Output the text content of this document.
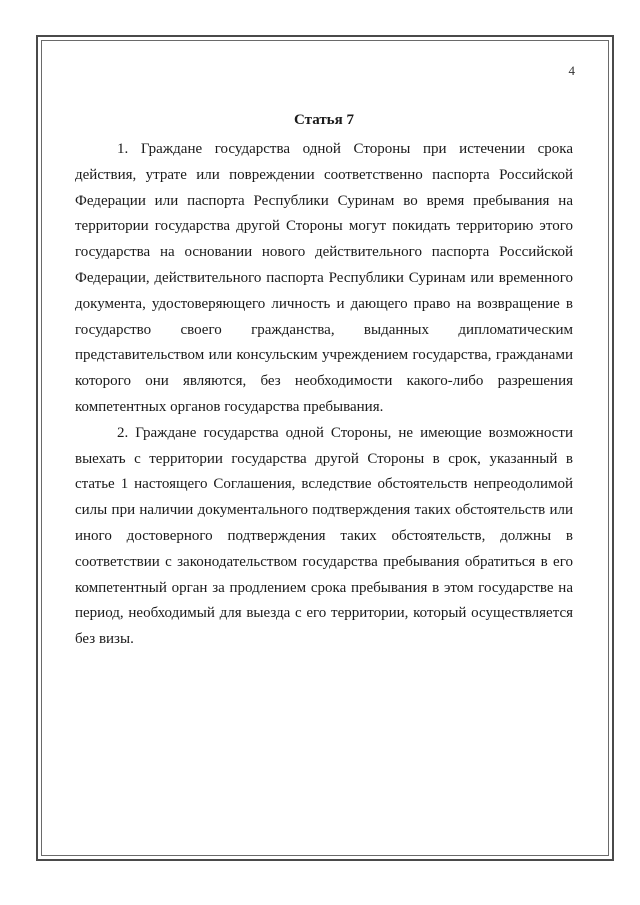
4

Статья 7

1. Граждане государства одной Стороны при истечении срока действия, утрате или повреждении соответственно паспорта Российской Федерации или паспорта Республики Суринам во время пребывания на территории государства другой Стороны могут покидать территорию этого государства на основании нового действительного паспорта Российской Федерации, действительного паспорта Республики Суринам или временного документа, удостоверяющего личность и дающего право на возвращение в государство своего гражданства, выданных дипломатическим представительством или консульским учреждением государства, гражданами которого они являются, без необходимости какого-либо разрешения компетентных органов государства пребывания.

2. Граждане государства одной Стороны, не имеющие возможности выехать с территории государства другой Стороны в срок, указанный в статье 1 настоящего Соглашения, вследствие обстоятельств непреодолимой силы при наличии документального подтверждения таких обстоятельств или иного достоверного подтверждения таких обстоятельств, должны в соответствии с законодательством государства пребывания обратиться в его компетентный орган за продлением срока пребывания в этом государстве на период, необходимый для выезда с его территории, который осуществляется без визы.
